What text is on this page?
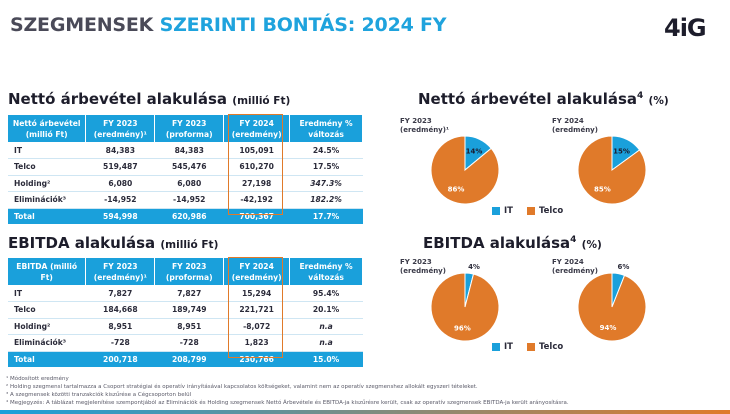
SZEGMENSEK SZERINTI BONTÁS: 2024 FY	4iG
Nettó árbevétel alakulása (millió Ft)
Nettó árbevétel (millió Ft)	FY 2023 (eredmény)¹	FY 2023 (proforma)	FY 2024 (eredmény)	Eredmény % változás
IT	84,383	84,383	105,091	24.5%
Telco	519,487	545,476	610,270	17.5%
Holding²	6,080	6,080	27,198	347.3%
Eliminációk³	-14,952	-14,952	-42,192	182.2%
Total	594,998	620,986	700,367	17.7%
EBITDA alakulása (millió Ft)
EBITDA (millió Ft)	FY 2023 (eredmény)¹	FY 2023 (proforma)	FY 2024 (eredmény)	Eredmény % változás
IT	7,827	7,827	15,294	95.4%
Telco	184,668	189,749	221,721	20.1%
Holding²	8,951	8,951	-8,072	n.a
Eliminációk³	-728	-728	1,823	n.a
Total	200,718	208,799	230,766	15.0%
Nettó árbevétel alakulása$^4$ (%)
FY 2023 (eredmény)¹
FY 2024 (eredmény)
14%
86%
15%
85%
IT	Telco
EBITDA alakulása$^4$ (%)
FY 2023 (eredmény)
FY 2024 (eredmény)
4%
96%
6%
94%
IT	Telco
¹ Módosított eredmény
² Holding szegmensl tartalmazza a Csoport stratégiai és operatív irányításával kapcsolatos költségeket, valamint nem az operatív szegmenshez allokált egyszeri tételeket.
³ A szegmensek közötti tranzakciók kiszűrése a Cégcsoporton belül
⁴ Megjegyzés: A táblázat megjelenítése szempontjából az Eliminációk és Holding szegmensek Nettó Árbevétele és EBITDA-ja kiszűrésre került, csak az operatív szegmensek EBITDA-ja került arányosításra.
